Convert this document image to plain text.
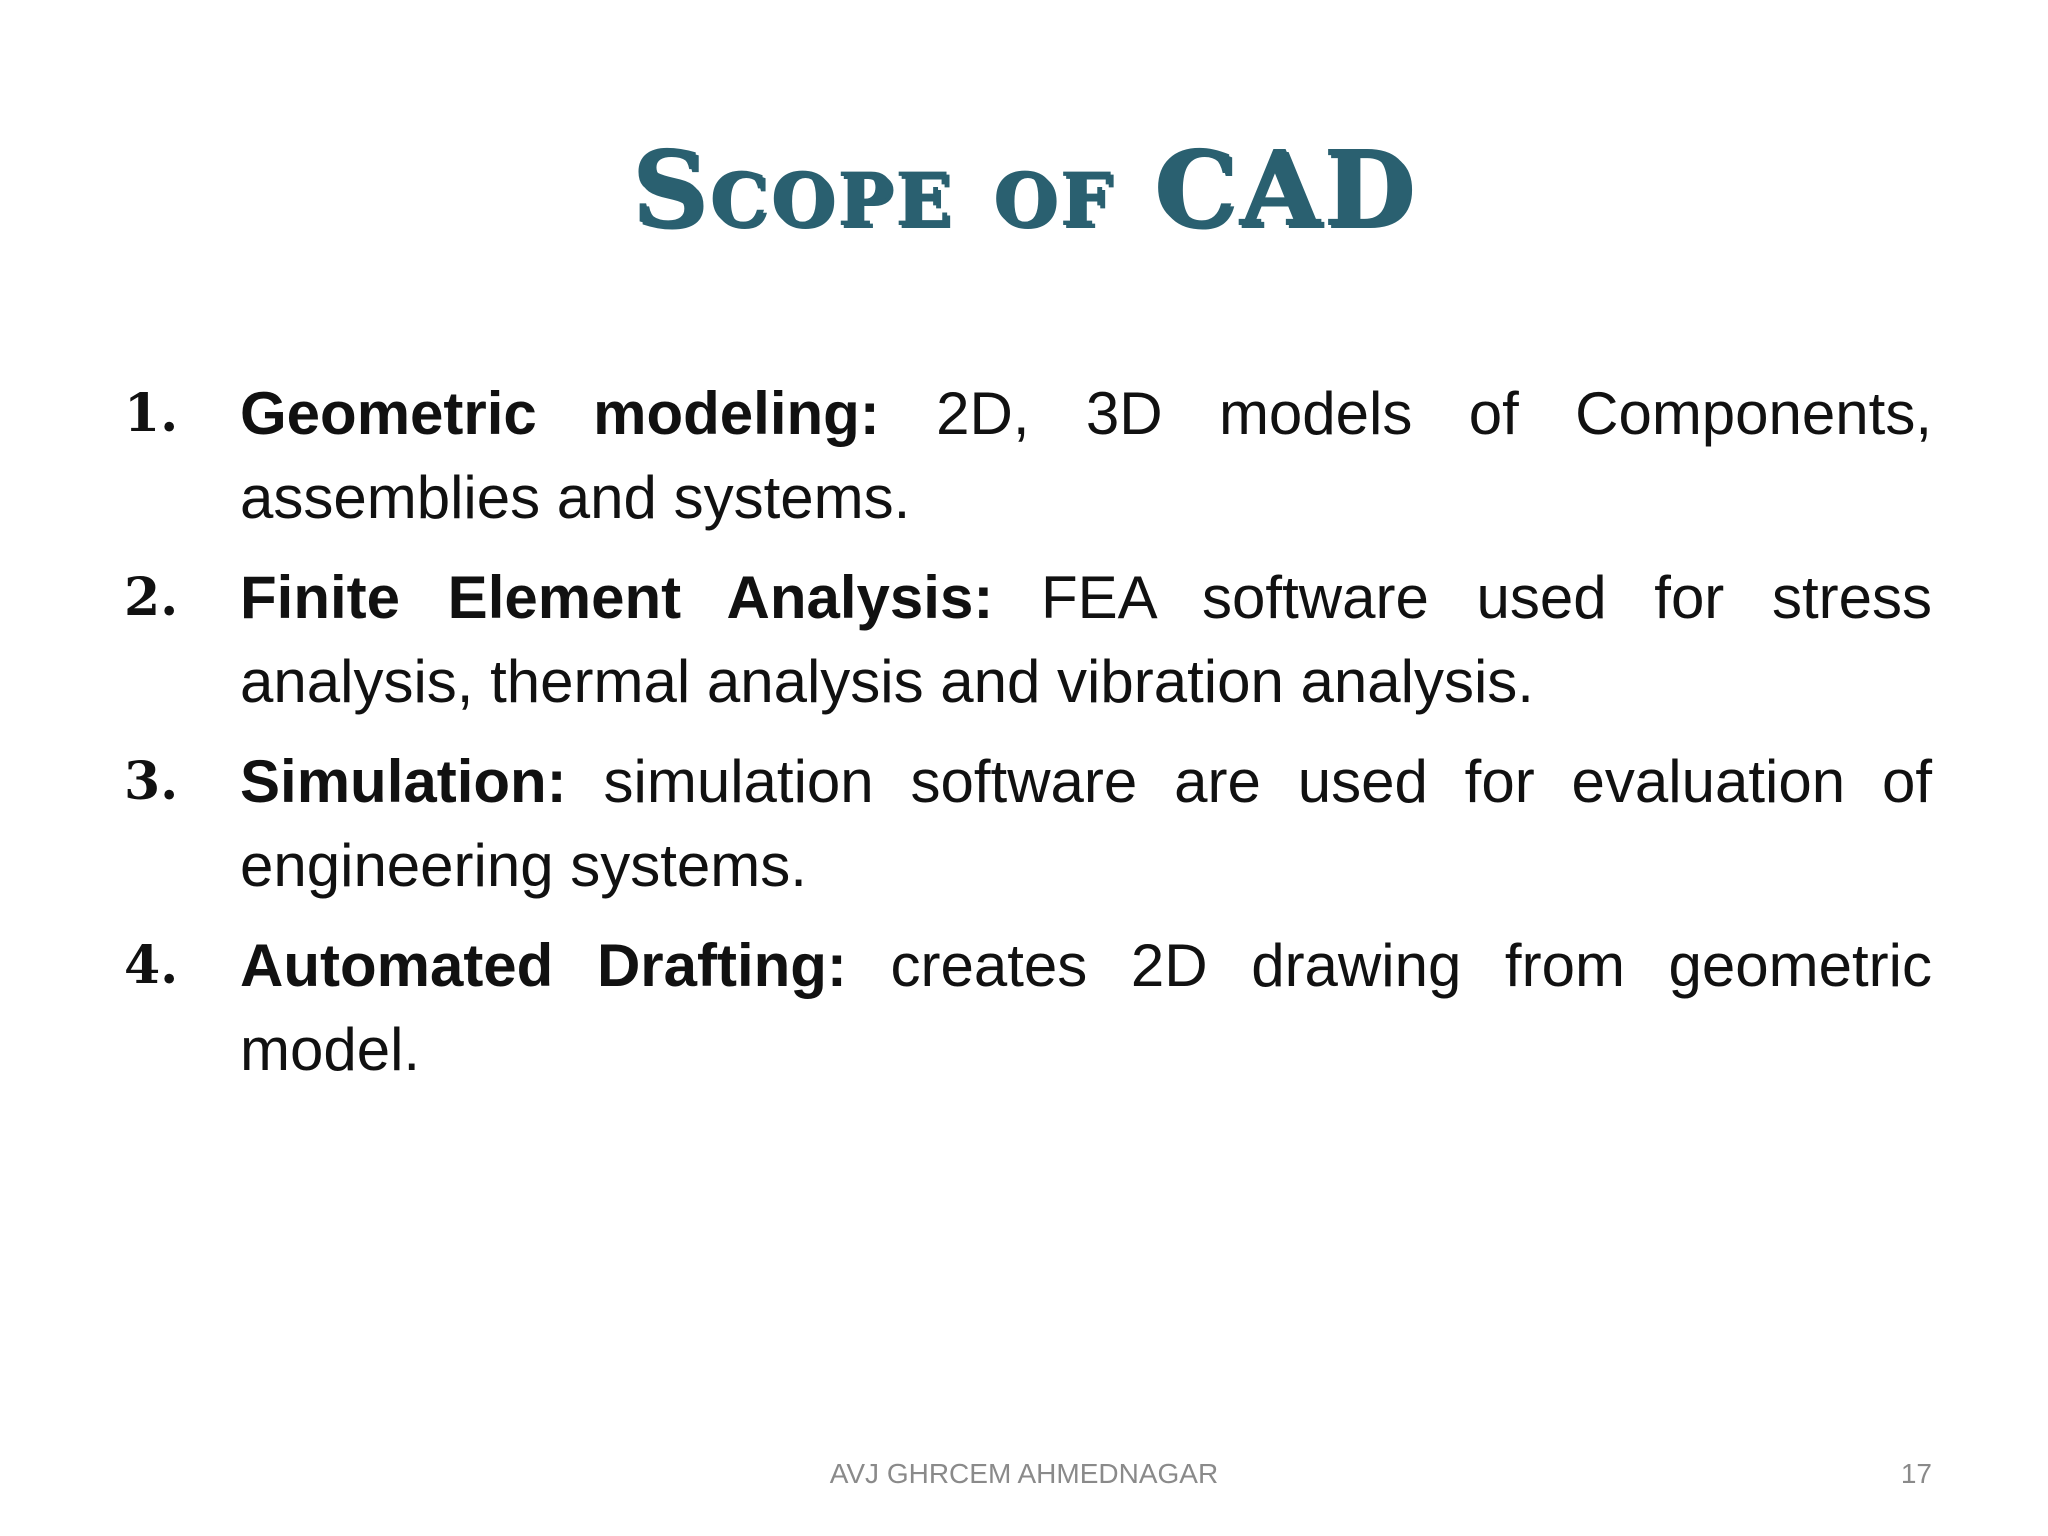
Scope of CAD
1.	Geometric modeling: 2D, 3D models of Components, assemblies and systems.
2.	Finite Element Analysis: FEA software used for stress analysis, thermal analysis and vibration analysis.
3.	Simulation: simulation software are used for evaluation of engineering systems.
4.	Automated Drafting: creates 2D drawing from geometric model.
AVJ GHRCEM AHMEDNAGAR	17
